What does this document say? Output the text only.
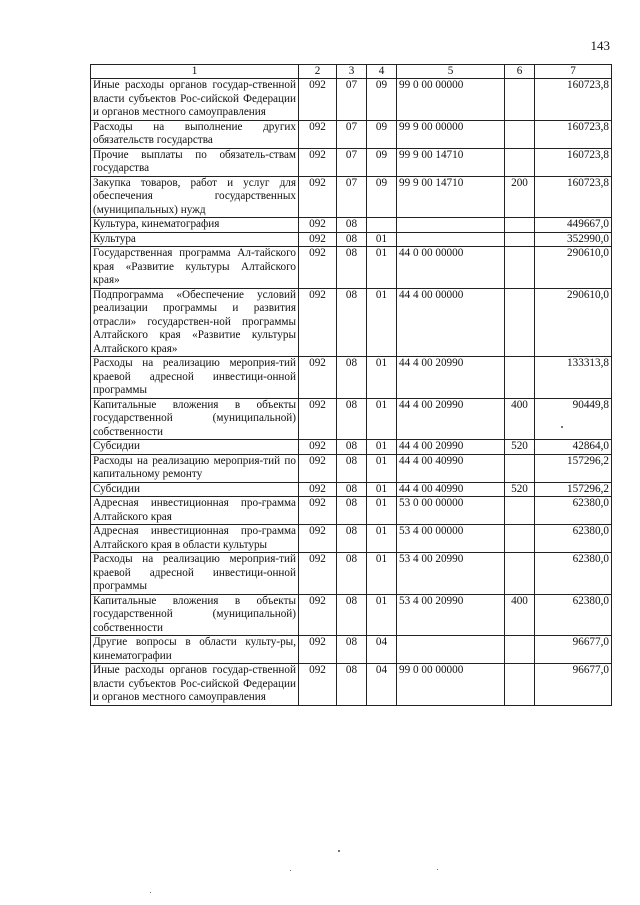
143
1	2	3	4	5	6	7
Иные расходы органов государ-ственной власти субъектов Рос-сийской Федерации и органов местного самоуправления	092	07	09	99 0 00 00000		160723,8
Расходы на выполнение других обязательств государства	092	07	09	99 9 00 00000		160723,8
Прочие выплаты по обязатель-ствам государства	092	07	09	99 9 00 14710		160723,8
Закупка товаров, работ и услуг для обеспечения государственных (муниципальных) нужд	092	07	09	99 9 00 14710	200	160723,8
Культура, кинематография	092	08				449667,0
Культура	092	08	01			352990,0
Государственная программа Ал-тайского края «Развитие культуры Алтайского края»	092	08	01	44 0 00 00000		290610,0
Подпрограмма «Обеспечение условий реализации программы и развития отрасли» государствен-ной программы Алтайского края «Развитие культуры Алтайского края»	092	08	01	44 4 00 00000		290610,0
Расходы на реализацию мероприя-тий краевой адресной инвестици-онной программы	092	08	01	44 4 00 20990		133313,8
Капитальные вложения в объекты государственной (муниципальной) собственности	092	08	01	44 4 00 20990	400	90449,8
Субсидии	092	08	01	44 4 00 20990	520	42864,0
Расходы на реализацию мероприя-тий по капитальному ремонту	092	08	01	44 4 00 40990		157296,2
Субсидии	092	08	01	44 4 00 40990	520	157296,2
Адресная инвестиционная про-грамма Алтайского края	092	08	01	53 0 00 00000		62380,0
Адресная инвестиционная про-грамма Алтайского края в области культуры	092	08	01	53 4 00 00000		62380,0
Расходы на реализацию мероприя-тий краевой адресной инвестици-онной программы	092	08	01	53 4 00 20990		62380,0
Капитальные вложения в объекты государственной (муниципальной) собственности	092	08	01	53 4 00 20990	400	62380,0
Другие вопросы в области культу-ры, кинематографии	092	08	04			96677,0
Иные расходы органов государ-ственной власти субъектов Рос-сийской Федерации и органов местного самоуправления	092	08	04	99 0 00 00000		96677,0
